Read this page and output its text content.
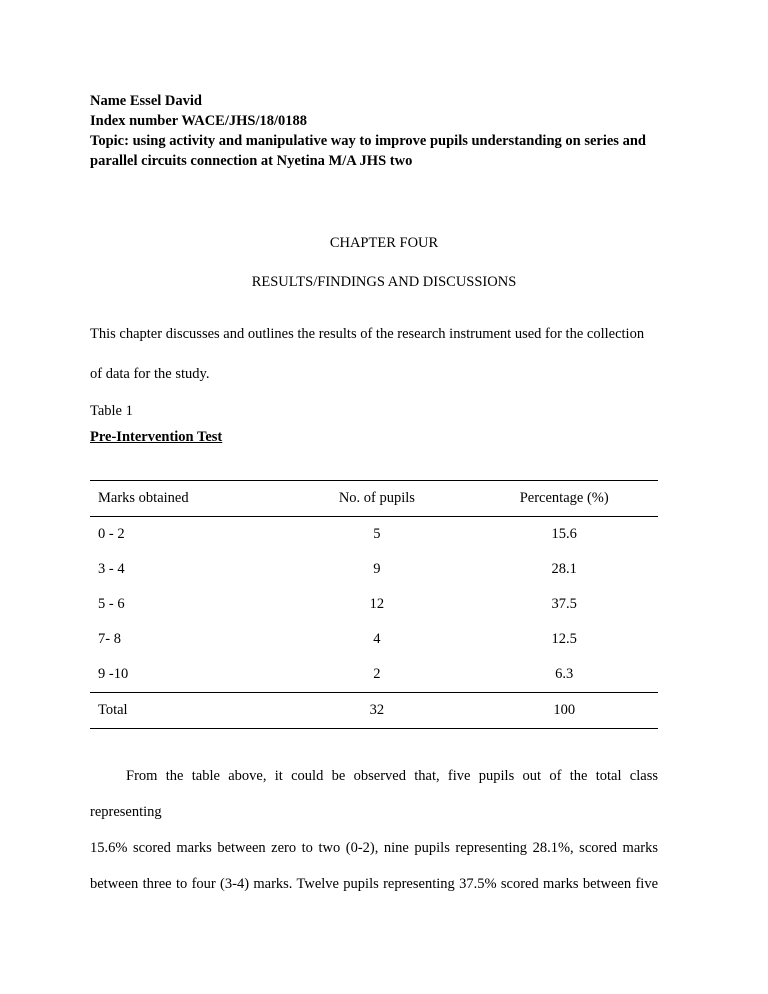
Name Essel David
Index number WACE/JHS/18/0188
Topic: using activity and manipulative way to improve pupils understanding on series and parallel circuits connection at Nyetina M/A JHS two
CHAPTER FOUR
RESULTS/FINDINGS AND DISCUSSIONS
This chapter discusses and outlines the results of the research instrument used for the collection
of data for the study.
Table 1
Pre-Intervention Test
Marks obtained	No. of pupils	Percentage (%)
0 - 2	5	15.6
3 - 4	9	28.1
5 - 6	12	37.5
7- 8	4	12.5
9 -10	2	6.3
Total	32	100
From the table above, it could be observed that, five pupils out of the total class representing
15.6% scored marks between zero to two (0-2), nine pupils representing 28.1%, scored marks
between three to four (3-4) marks. Twelve pupils representing 37.5% scored marks between five
